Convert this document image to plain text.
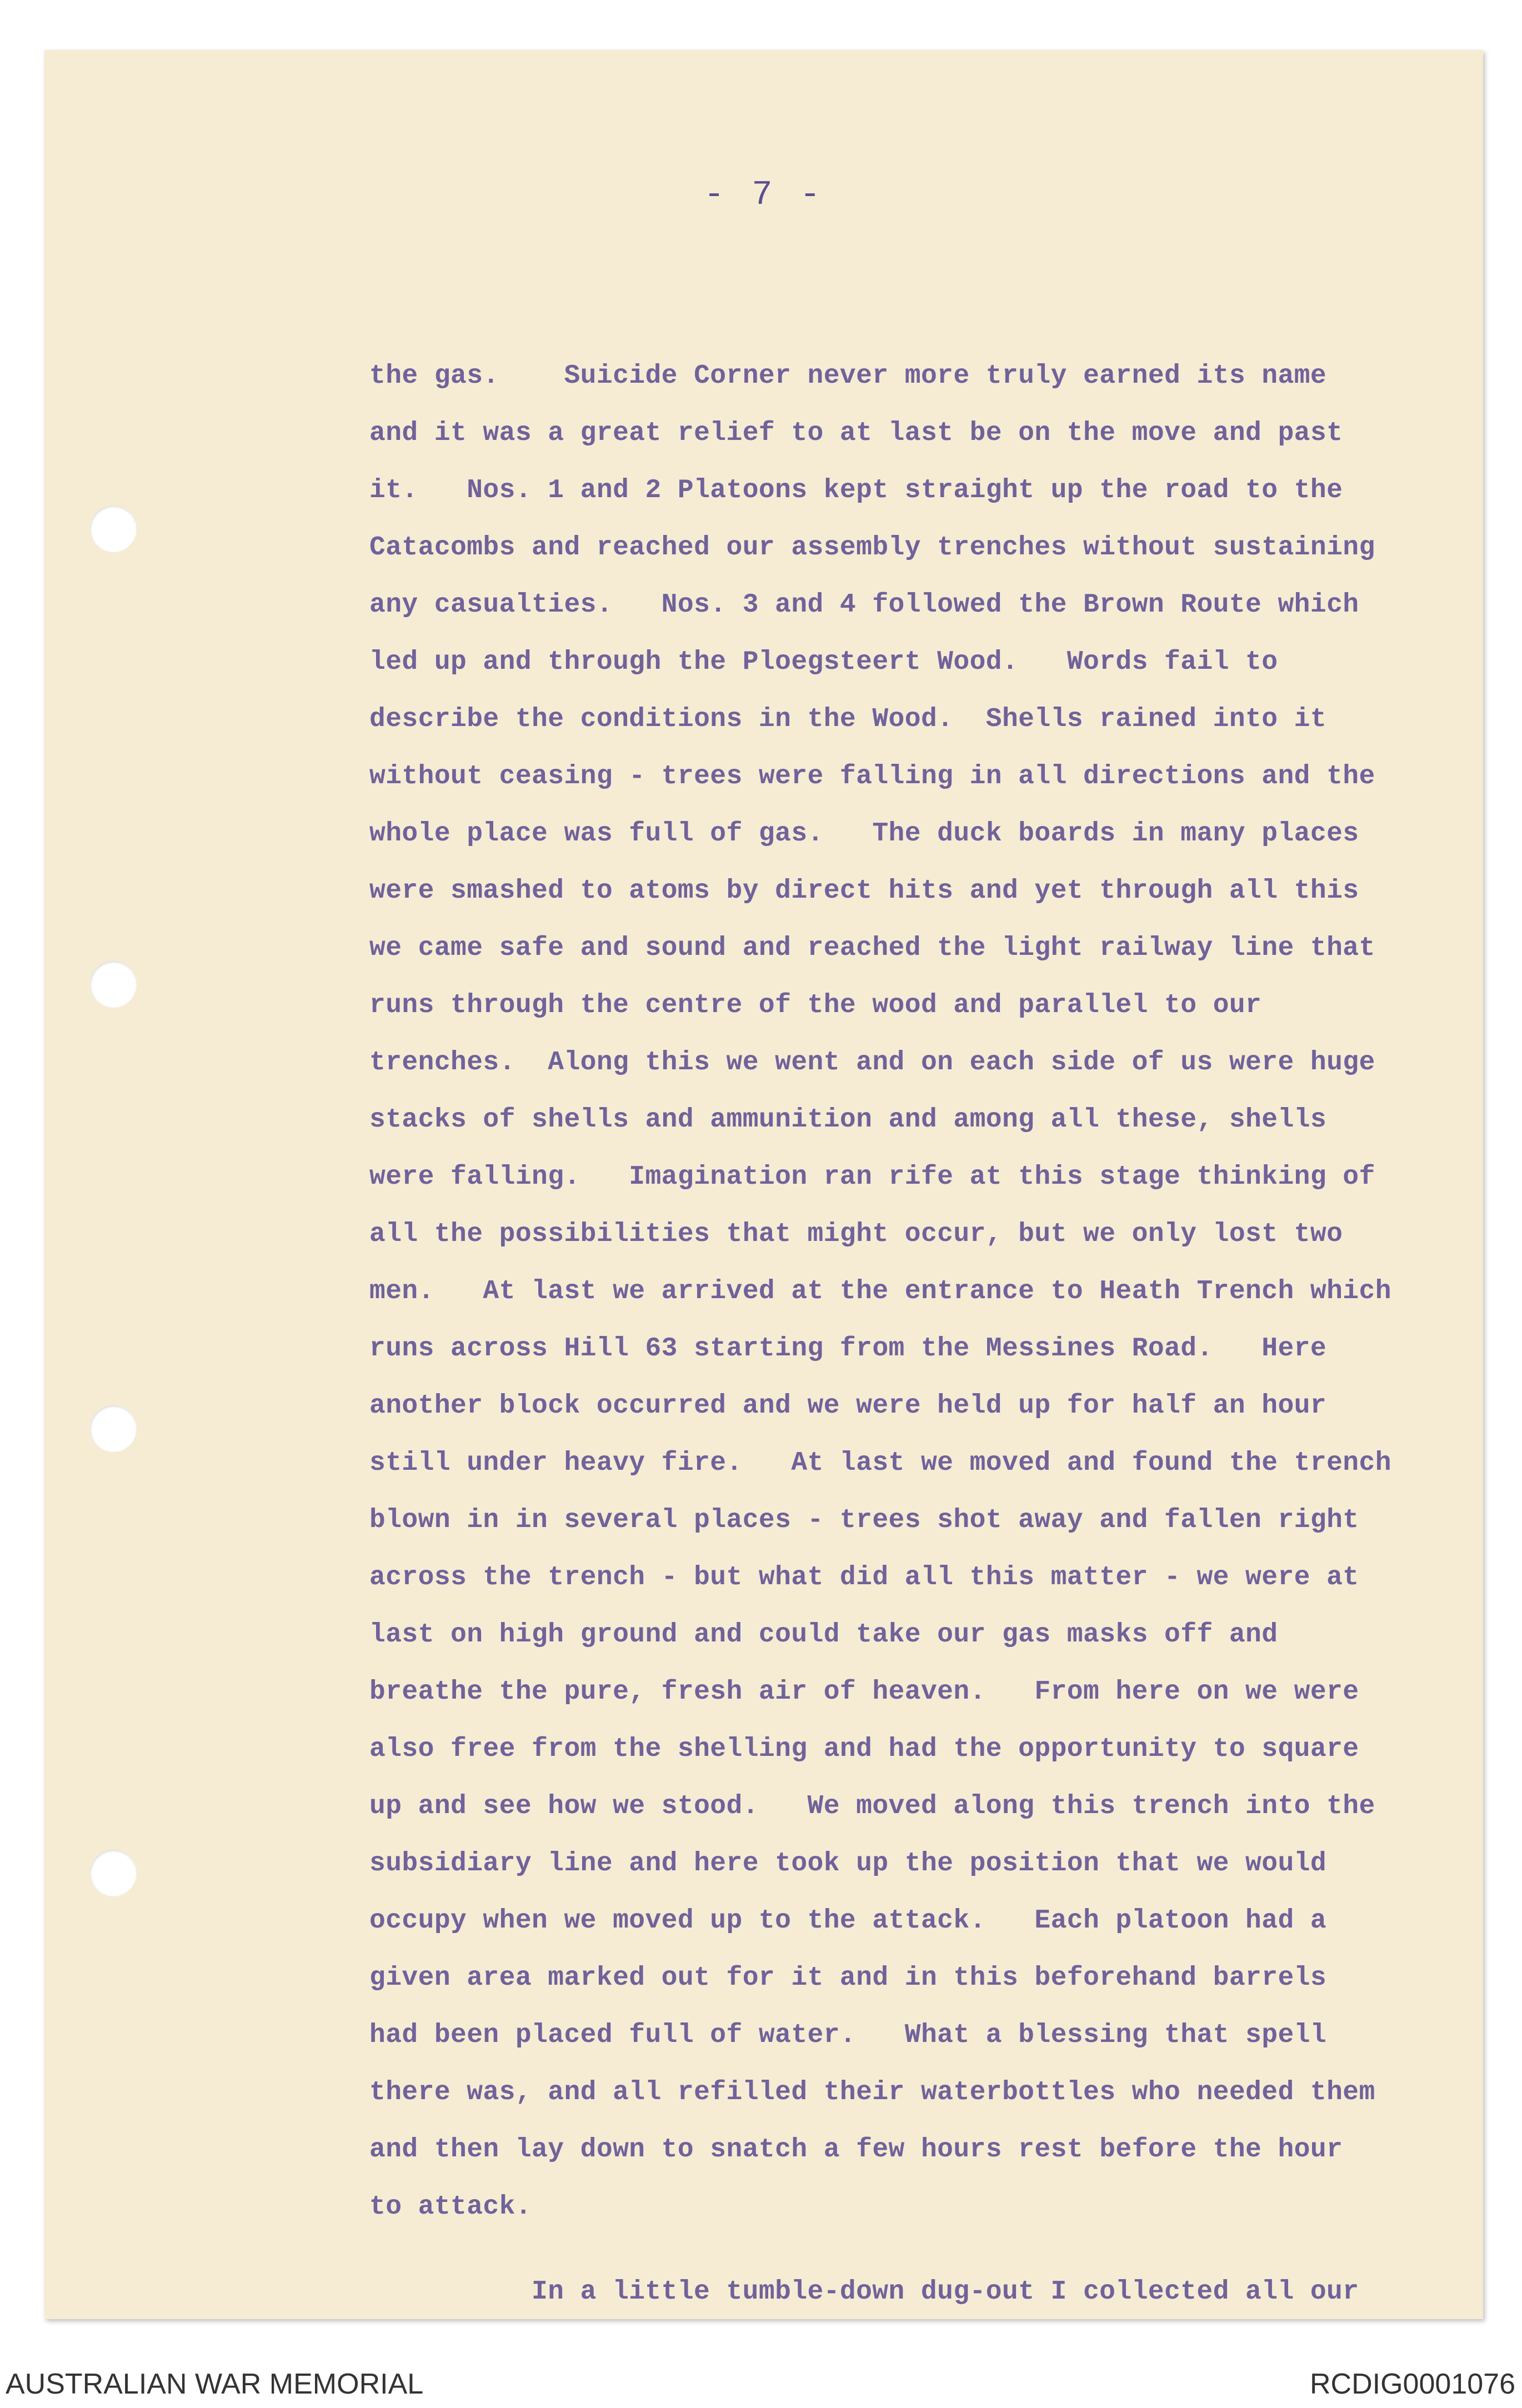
- 7 -
the gas.    Suicide Corner never more truly earned its name
and it was a great relief to at last be on the move and past
it.   Nos. 1 and 2 Platoons kept straight up the road to the
Catacombs and reached our assembly trenches without sustaining
any casualties.   Nos. 3 and 4 followed the Brown Route which
led up and through the Ploegsteert Wood.   Words fail to
describe the conditions in the Wood.  Shells rained into it
without ceasing - trees were falling in all directions and the
whole place was full of gas.   The duck boards in many places
were smashed to atoms by direct hits and yet through all this
we came safe and sound and reached the light railway line that
runs through the centre of the wood and parallel to our
trenches.  Along this we went and on each side of us were huge
stacks of shells and ammunition and among all these, shells
were falling.   Imagination ran rife at this stage thinking of
all the possibilities that might occur, but we only lost two
men.   At last we arrived at the entrance to Heath Trench which
runs across Hill 63 starting from the Messines Road.   Here
another block occurred and we were held up for half an hour
still under heavy fire.   At last we moved and found the trench
blown in in several places - trees shot away and fallen right
across the trench - but what did all this matter - we were at
last on high ground and could take our gas masks off and
breathe the pure, fresh air of heaven.   From here on we were
also free from the shelling and had the opportunity to square
up and see how we stood.   We moved along this trench into the
subsidiary line and here took up the position that we would
occupy when we moved up to the attack.   Each platoon had a
given area marked out for it and in this beforehand barrels
had been placed full of water.   What a blessing that spell
there was, and all refilled their waterbottles who needed them
and then lay down to snatch a few hours rest before the hour
to attack.
In a little tumble-down dug-out I collected all our
AUSTRALIAN WAR MEMORIAL	RCDIG0001076
